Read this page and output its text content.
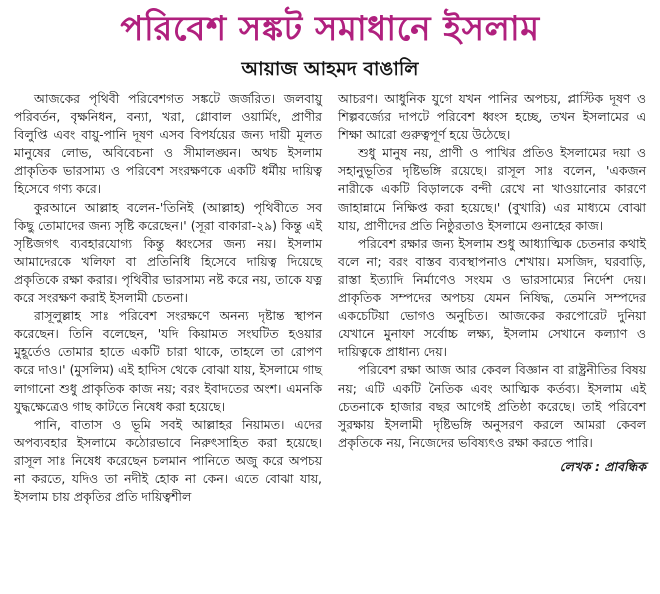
পরিবেশ সঙ্কট সমাধানে ইসলাম
আয়াজ আহমদ বাঙালি

আজকের পৃথিবী পরিবেশগত সঙ্কটে জর্জরিত। জলবায়ু পরিবর্তন, বৃক্ষনিধন, বন্যা, খরা, গ্লোবাল ওয়ার্মিং, প্রাণীর বিলুপ্তি এবং বায়ু-পানি দূষণ এসব বিপর্যয়ের জন্য দায়ী মূলত মানুষের লোভ, অবিবেচনা ও সীমালঙ্ঘন। অথচ ইসলাম প্রাকৃতিক ভারসাম্য ও পরিবেশ সংরক্ষণকে একটি ধর্মীয় দায়িত্ব হিসেবে গণ্য করে।

কুরআনে আল্লাহ বলেন-'তিনিই (আল্লাহ) পৃথিবীতে সব কিছু তোমাদের জন্য সৃষ্টি করেছেন।' (সূরা বাকারা-২৯) কিন্তু এই সৃষ্টিজগৎ ব্যবহারযোগ্য কিন্তু ধ্বংসের জন্য নয়। ইসলাম আমাদেরকে খলিফা বা প্রতিনিধি হিসেবে দায়িত্ব দিয়েছে প্রকৃতিকে রক্ষা করার। পৃথিবীর ভারসাম্য নষ্ট করে নয়, তাকে যত্ন করে সংরক্ষণ করাই ইসলামী চেতনা।

রাসূলুল্লাহ সাঃ পরিবেশ সংরক্ষণে অনন্য দৃষ্টান্ত স্থাপন করেছেন। তিনি বলেছেন, 'যদি কিয়ামত সংঘটিত হওয়ার মুহূর্তেও তোমার হাতে একটি চারা থাকে, তাহলে তা রোপণ করে দাও।' (মুসলিম) এই হাদিস থেকে বোঝা যায়, ইসলামে গাছ লাগানো শুধু প্রাকৃতিক কাজ নয়; বরং ইবাদতের অংশ। এমনকি যুদ্ধক্ষেত্রেও গাছ কাটতে নিষেধ করা হয়েছে।

পানি, বাতাস ও ভূমি সবই আল্লাহর নিয়ামত। এদের অপব্যবহার ইসলামে কঠোরভাবে নিরুৎসাহিত করা হয়েছে। রাসূল সাঃ নিষেধ করেছেন চলমান পানিতে অজু করে অপচয় না করতে, যদিও তা নদীই হোক না কেন। এতে বোঝা যায়, ইসলাম চায় প্রকৃতির প্রতি দায়িত্বশীল

আচরণ। আধুনিক যুগে যখন পানির অপচয়, প্লাস্টিক দূষণ ও শিল্পবর্জ্যের দাপটে পরিবেশ ধ্বংস হচ্ছে, তখন ইসলামের এ শিক্ষা আরো গুরুত্বপূর্ণ হয়ে উঠেছে।

শুধু মানুষ নয়, প্রাণী ও পাখির প্রতিও ইসলামের দয়া ও সহানুভূতির দৃষ্টিভঙ্গি রয়েছে। রাসূল সাঃ বলেন, 'একজন নারীকে একটি বিড়ালকে বন্দী রেখে না খাওয়ানোর কারণে জাহান্নামে নিক্ষিপ্ত করা হয়েছে।' (বুখারি) এর মাধ্যমে বোঝা যায়, প্রাণীদের প্রতি নিষ্ঠুরতাও ইসলামে গুনাহের কাজ।

পরিবেশ রক্ষার জন্য ইসলাম শুধু আধ্যাত্মিক চেতনার কথাই বলে না; বরং বাস্তব ব্যবস্থাপনাও শেখায়। মসজিদ, ঘরবাড়ি, রাস্তা ইত্যাদি নির্মাণেও সংযম ও ভারসাম্যের নির্দেশ দেয়। প্রাকৃতিক সম্পদের অপচয় যেমন নিষিদ্ধ, তেমনি সম্পদের একচেটিয়া ভোগও অনুচিত। আজকের করপোরেট দুনিয়া যেখানে মুনাফা সর্বোচ্চ লক্ষ্য, ইসলাম সেখানে কল্যাণ ও দায়িত্বকে প্রাধান্য দেয়।

পরিবেশ রক্ষা আজ আর কেবল বিজ্ঞান বা রাষ্ট্রনীতির বিষয় নয়; এটি একটি নৈতিক এবং আত্মিক কর্তব্য। ইসলাম এই চেতনাকে হাজার বছর আগেই প্রতিষ্ঠা করেছে। তাই পরিবেশ সুরক্ষায় ইসলামী দৃষ্টিভঙ্গি অনুসরণ করলে আমরা কেবল প্রকৃতিকে নয়, নিজেদের ভবিষ্যৎও রক্ষা করতে পারি।

লেখক : প্রাবন্ধিক
